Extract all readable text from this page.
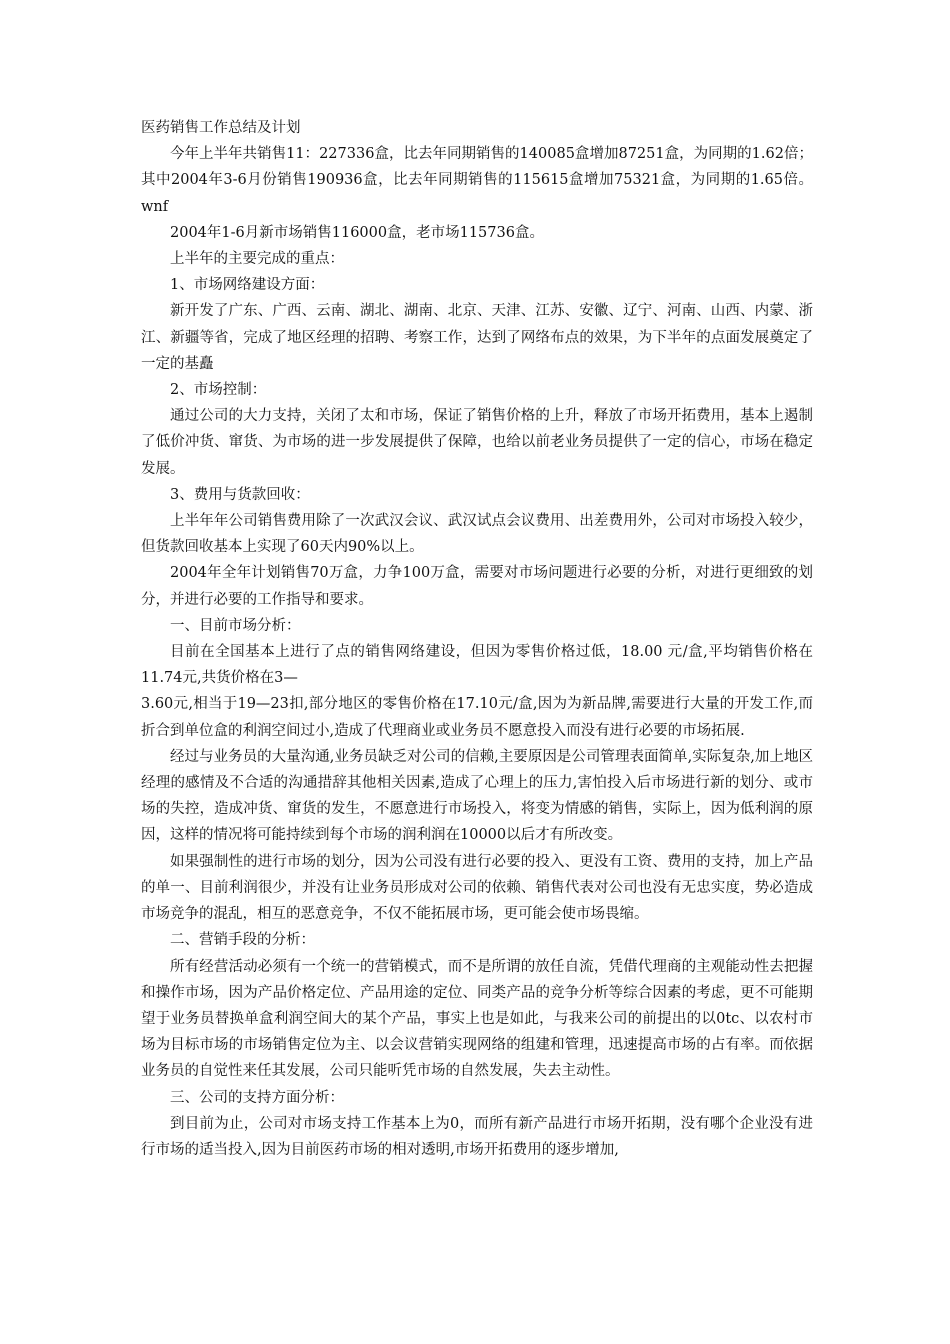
医药销售工作总结及计划

今年上半年共销售11：227336盒，比去年同期销售的140085盒增加87251盒，为同期的1.62倍；其中2004年3-6月份销售190936盒，比去年同期销售的115615盒增加75321盒，为同期的1.65倍。wnf

2004年1-6月新市场销售116000盒，老市场115736盒。

上半年的主要完成的重点：

1、市场网络建设方面：

新开发了广东、广西、云南、湖北、湖南、北京、天津、江苏、安徽、辽宁、河南、山西、内蒙、浙江、新疆等省，完成了地区经理的招聘、考察工作，达到了网络布点的效果，为下半年的点面发展奠定了一定的基矗

2、市场控制：

通过公司的大力支持，关闭了太和市场，保证了销售价格的上升，释放了市场开拓费用，基本上遏制了低价冲货、窜货、为市场的进一步发展提供了保障，也给以前老业务员提供了一定的信心，市场在稳定发展。

3、费用与货款回收：

上半年年公司销售费用除了一次武汉会议、武汉试点会议费用、出差费用外，公司对市场投入较少，但货款回收基本上实现了60天内90%以上。

2004年全年计划销售70万盒，力争100万盒，需要对市场问题进行必要的分析，对进行更细致的划分，并进行必要的工作指导和要求。

一、目前市场分析：

目前在全国基本上进行了点的销售网络建设，但因为零售价格过低，18.00 元/盒,平均销售价格在11.74元,共货价格在3—

3.60元,相当于19—23扣,部分地区的零售价格在17.10元/盒,因为为新品牌,需要进行大量的开发工作,而折合到单位盒的利润空间过小,造成了代理商业或业务员不愿意投入而没有进行必要的市场拓展.

经过与业务员的大量沟通,业务员缺乏对公司的信赖,主要原因是公司管理表面简单,实际复杂,加上地区经理的感情及不合适的沟通措辞其他相关因素,造成了心理上的压力,害怕投入后市场进行新的划分、或市场的失控，造成冲货、窜货的发生，不愿意进行市场投入，将变为情感的销售，实际上，因为低利润的原因，这样的情况将可能持续到每个市场的润利润在10000以后才有所改变。

如果强制性的进行市场的划分，因为公司没有进行必要的投入、更没有工资、费用的支持，加上产品的单一、目前利润很少，并没有让业务员形成对公司的依赖、销售代表对公司也没有无忠实度，势必造成市场竞争的混乱，相互的恶意竞争，不仅不能拓展市场，更可能会使市场畏缩。

二、营销手段的分析：

所有经营活动必须有一个统一的营销模式，而不是所谓的放任自流，凭借代理商的主观能动性去把握和操作市场，因为产品价格定位、产品用途的定位、同类产品的竞争分析等综合因素的考虑，更不可能期望于业务员替换单盒利润空间大的某个产品，事实上也是如此，与我来公司的前提出的以0tc、以农村市场为目标市场的市场销售定位为主、以会议营销实现网络的组建和管理，迅速提高市场的占有率。而依据业务员的自觉性来任其发展，公司只能听凭市场的自然发展，失去主动性。

三、公司的支持方面分析：

到目前为止，公司对市场支持工作基本上为0，而所有新产品进行市场开拓期，没有哪个企业没有进行市场的适当投入,因为目前医药市场的相对透明,市场开拓费用的逐步增加,
